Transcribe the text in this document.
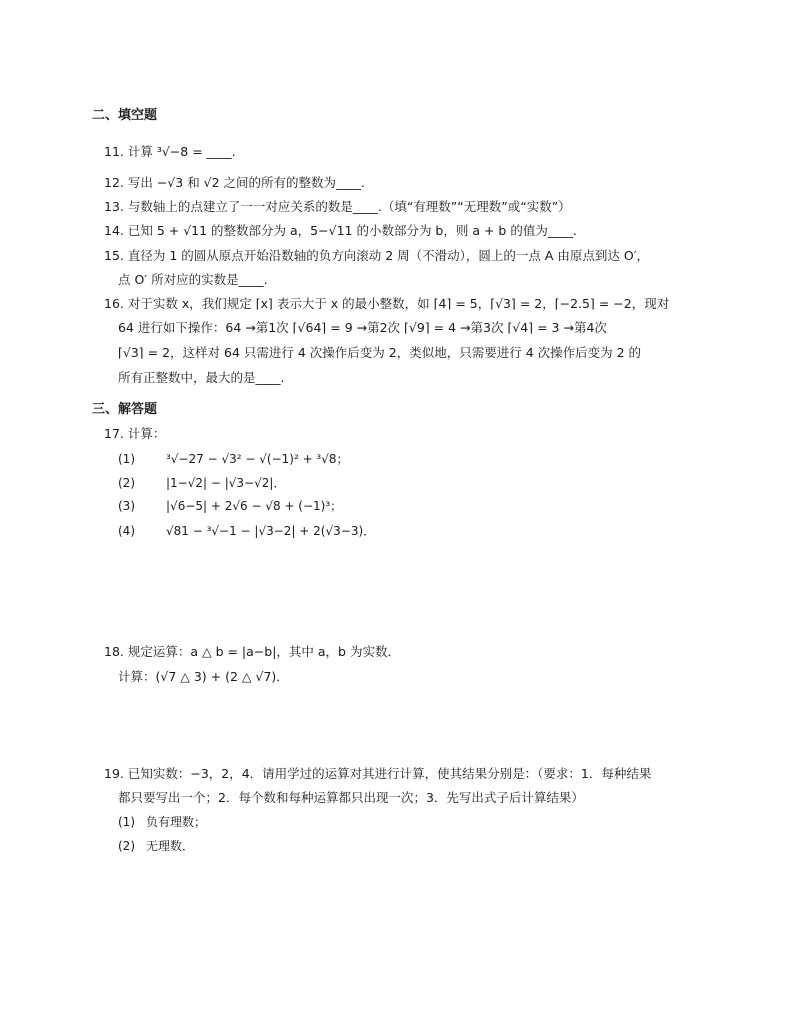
二、填空题
11. 计算 ³√−8 = ____.
12. 写出 −√3 和 √2 之间的所有的整数为____.
13. 与数轴上的点建立了一一对应关系的数是____.（填“有理数”“无理数”或“实数”）
14. 已知 5 + √11 的整数部分为 a，5−√11 的小数部分为 b，则 a + b 的值为____.
15. 直径为 1 的圆从原点开始沿数轴的负方向滚动 2 周（不滑动），圆上的一点 A 由原点到达 O′，
点 O′ 所对应的实数是____.
16. 对于实数 x，我们规定 ⌈x⌉ 表示大于 x 的最小整数，如 ⌈4⌉ = 5，⌈√3⌉ = 2，⌈−2.5⌉ = −2，现对
64 进行如下操作：64 →第1次 ⌈√64⌉ = 9 →第2次 ⌈√9⌉ = 4 →第3次 ⌈√4⌉ = 3 →第4次
⌈√3⌉ = 2，这样对 64 只需进行 4 次操作后变为 2，类似地，只需要进行 4 次操作后变为 2 的
所有正整数中，最大的是____.
三、解答题
17. 计算：
(1)	³√−27 − √3² − √(−1)² + ³√8；
(2)	|1−√2| − |√3−√2|．
(3)	|√6−5| + 2√6 − √8 + (−1)³；
(4)	√81 − ³√−1 − |√3−2| + 2(√3−3)．
18. 规定运算：a △ b = |a−b|，其中 a，b 为实数．
计算：(√7 △ 3) + (2 △ √7)．
19. 已知实数：−3，2，4．请用学过的运算对其进行计算，使其结果分别是：（要求：1．每种结果
都只要写出一个；2．每个数和每种运算都只出现一次；3．先写出式子后计算结果）
(1) 负有理数；
(2) 无理数．
